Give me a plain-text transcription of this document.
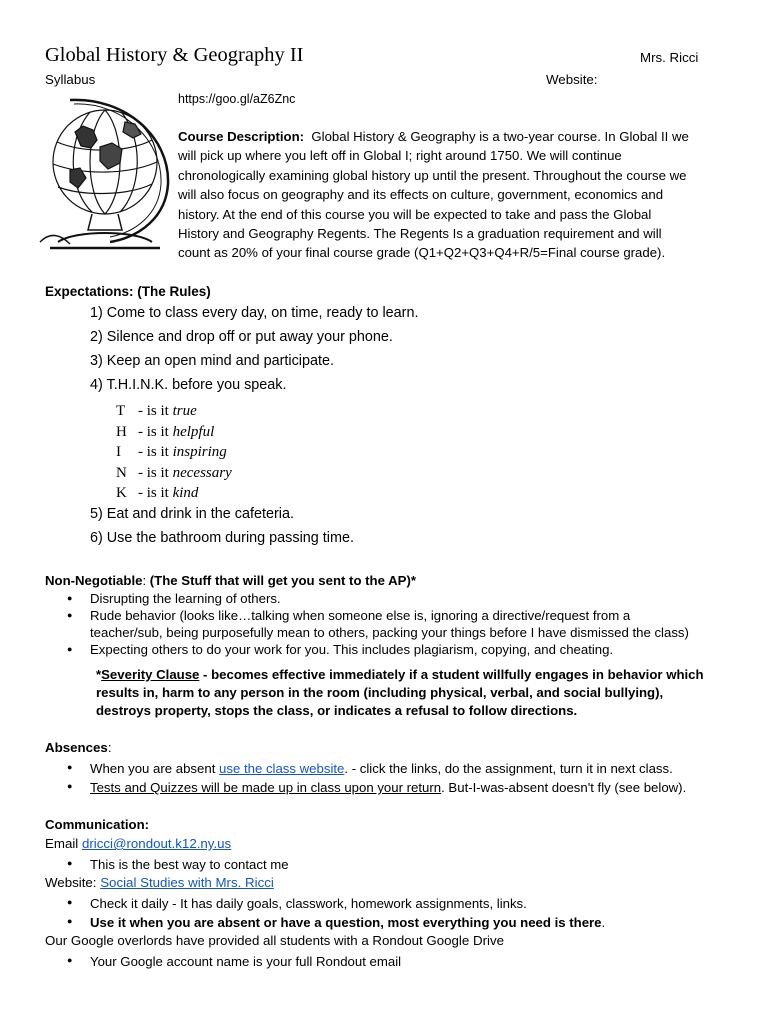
Global History & Geography II	Mrs. Ricci
Syllabus	Website:
https://goo.gl/aZ6Znc
Course Description: Global History & Geography is a two-year course. In Global II we
will pick up where you left off in Global I; right around 1750. We will continue
chronologically examining global history up until the present. Throughout the course we
will also focus on geography and its effects on culture, government, economics and
history. At the end of this course you will be expected to take and pass the Global
History and Geography Regents. The Regents Is a graduation requirement and will
count as 20% of your final course grade (Q1+Q2+Q3+Q4+R/5=Final course grade).
Expectations: (The Rules)
1) Come to class every day, on time, ready to learn.
2) Silence and drop off or put away your phone.
3) Keep an open mind and participate.
4) T.H.I.N.K. before you speak.
T - is it true
H - is it helpful
I - is it inspiring
N - is it necessary
K - is it kind
5) Eat and drink in the cafeteria.
6) Use the bathroom during passing time.
Non-Negotiable: (The Stuff that will get you sent to the AP)*
● Disrupting the learning of others.
● Rude behavior (looks like…talking when someone else is, ignoring a directive/request from a
teacher/sub, being purposefully mean to others, packing your things before I have dismissed the class)
● Expecting others to do your work for you. This includes plagiarism, copying, and cheating.
*Severity Clause - becomes effective immediately if a student willfully engages in behavior which results in, harm to any person in the room (including physical, verbal, and social bullying), destroys property, stops the class, or indicates a refusal to follow directions.
Absences:
● When you are absent use the class website. - click the links, do the assignment, turn it in next class.
● Tests and Quizzes will be made up in class upon your return. But-I-was-absent doesn't fly (see below).
Communication:
Email dricci@rondout.k12.ny.us
● This is the best way to contact me
Website: Social Studies with Mrs. Ricci
● Check it daily - It has daily goals, classwork, homework assignments, links.
● Use it when you are absent or have a question, most everything you need is there.
Our Google overlords have provided all students with a Rondout Google Drive
● Your Google account name is your full Rondout email
